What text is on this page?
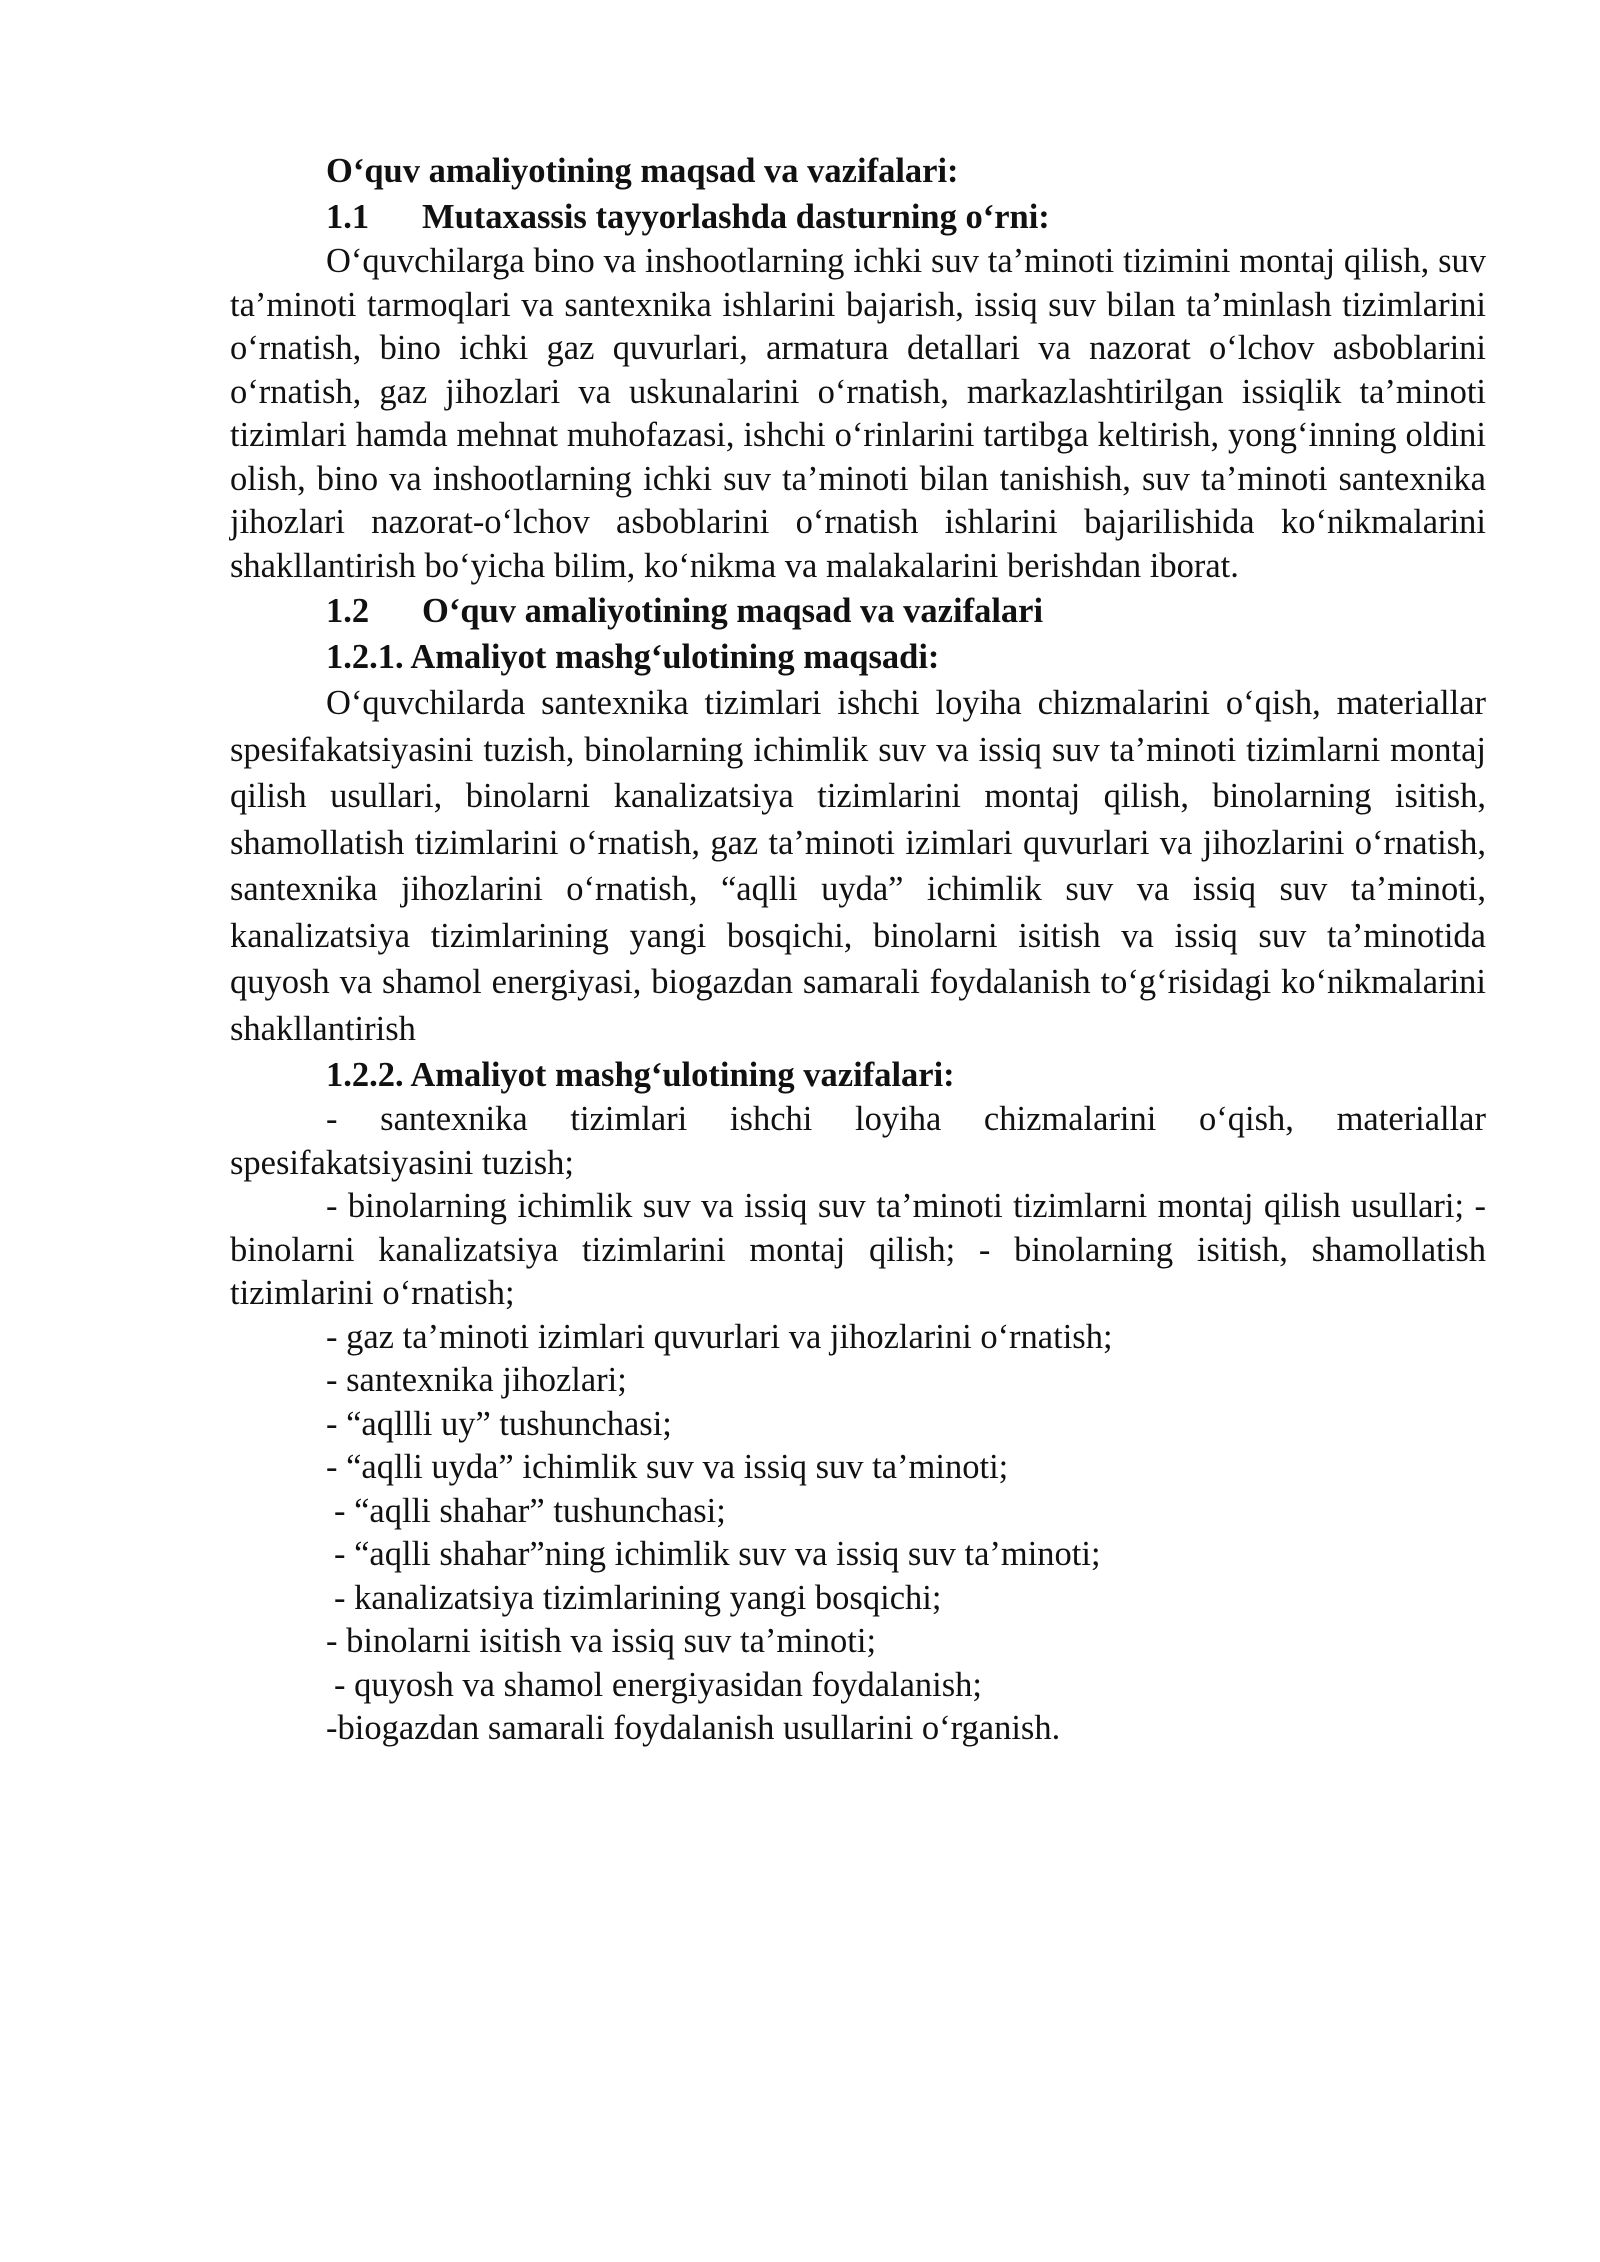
O‘quv amaliyotining maqsad va vazifalari:

1.1 Mutaxassis tayyorlashda dasturning o‘rni:

O‘quvchilarga bino va inshootlarning ichki suv ta’minoti tizimini montaj qilish, suv ta’minoti tarmoqlari va santexnika ishlarini bajarish, issiq suv bilan ta’minlash tizimlarini o‘rnatish, bino ichki gaz quvurlari, armatura detallari va nazorat o‘lchov asboblarini o‘rnatish, gaz jihozlari va uskunalarini o‘rnatish, markazlashtirilgan issiqlik ta’minoti tizimlari hamda mehnat muhofazasi, ishchi o‘rinlarini tartibga keltirish, yong‘inning oldini olish, bino va inshootlarning ichki suv ta’minoti bilan tanishish, suv ta’minoti santexnika jihozlari nazorat-o‘lchov asboblarini o‘rnatish ishlarini bajarilishida ko‘nikmalarini shakllantirish bo‘yicha bilim, ko‘nikma va malakalarini berishdan iborat.

1.2 O‘quv amaliyotining maqsad va vazifalari

1.2.1. Amaliyot mashg‘ulotining maqsadi:

O‘quvchilarda santexnika tizimlari ishchi loyiha chizmalarini o‘qish, materiallar spesifakatsiyasini tuzish, binolarning ichimlik suv va issiq suv ta’minoti tizimlarni montaj qilish usullari, binolarni kanalizatsiya tizimlarini montaj qilish, binolarning isitish, shamollatish tizimlarini o‘rnatish, gaz ta’minoti izimlari quvurlari va jihozlarini o‘rnatish, santexnika jihozlarini o‘rnatish, “aqlli uyda” ichimlik suv va issiq suv ta’minoti, kanalizatsiya tizimlarining yangi bosqichi, binolarni isitish va issiq suv ta’minotida quyosh va shamol energiyasi, biogazdan samarali foydalanish to‘g‘risidagi ko‘nikmalarini shakllantirish

1.2.2. Amaliyot mashg‘ulotining vazifalari:

- santexnika tizimlari ishchi loyiha chizmalarini o‘qish, materiallar spesifakatsiyasini tuzish;

- binolarning ichimlik suv va issiq suv ta’minoti tizimlarni montaj qilish usullari; - binolarni kanalizatsiya tizimlarini montaj qilish; - binolarning isitish, shamollatish tizimlarini o‘rnatish;

- gaz ta’minoti izimlari quvurlari va jihozlarini o‘rnatish;

- santexnika jihozlari;

- “aqllli uy” tushunchasi;

- “aqlli uyda” ichimlik suv va issiq suv ta’minoti;

- “aqlli shahar” tushunchasi;

- “aqlli shahar”ning ichimlik suv va issiq suv ta’minoti;

- kanalizatsiya tizimlarining yangi bosqichi;

- binolarni isitish va issiq suv ta’minoti;

- quyosh va shamol energiyasidan foydalanish;

-biogazdan samarali foydalanish usullarini o‘rganish.
